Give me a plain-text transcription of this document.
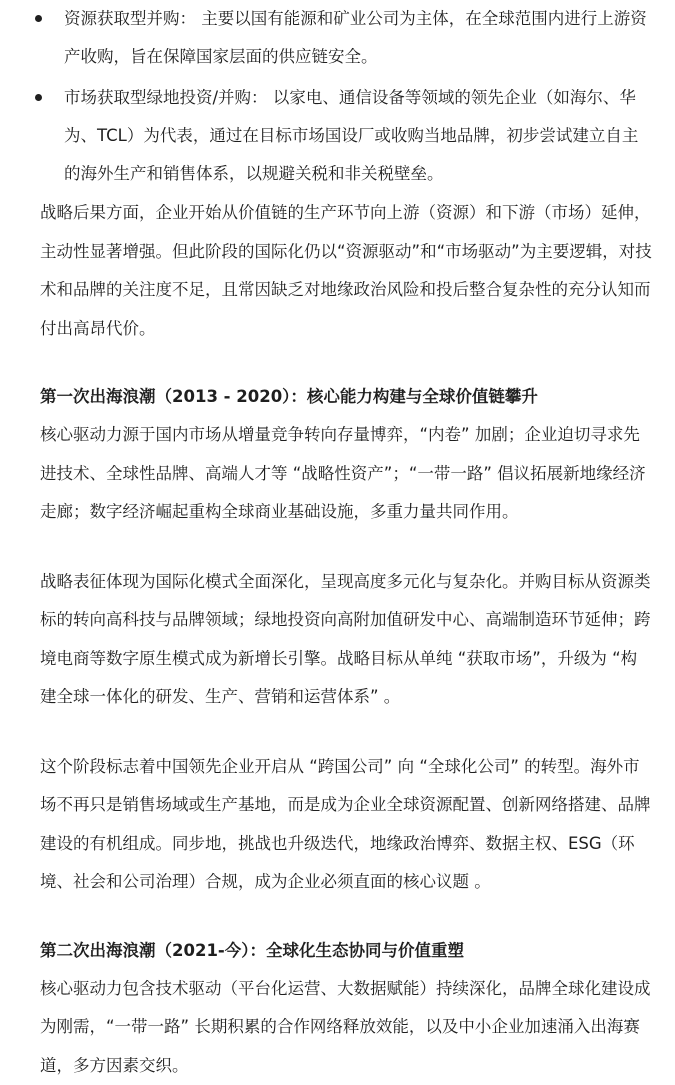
资源获取型并购： 主要以国有能源和矿业公司为主体，在全球范围内进行上游资产收购，旨在保障国家层面的供应链安全。
市场获取型绿地投资/并购： 以家电、通信设备等领域的领先企业（如海尔、华为、TCL）为代表，通过在目标市场国设厂或收购当地品牌，初步尝试建立自主的海外生产和销售体系，以规避关税和非关税壁垒。

战略后果方面，企业开始从价值链的生产环节向上游（资源）和下游（市场）延伸，主动性显著增强。但此阶段的国际化仍以“资源驱动”和“市场驱动”为主要逻辑，对技术和品牌的关注度不足，且常因缺乏对地缘政治风险和投后整合复杂性的充分认知而付出高昂代价。

第一次出海浪潮（2013 - 2020）：核心能力构建与全球价值链攀升

核心驱动力源于国内市场从增量竞争转向存量博弈，“内卷” 加剧；企业迫切寻求先进技术、全球性品牌、高端人才等 “战略性资产”；“一带一路” 倡议拓展新地缘经济走廊；数字经济崛起重构全球商业基础设施，多重力量共同作用。

战略表征体现为国际化模式全面深化，呈现高度多元化与复杂化。并购目标从资源类标的转向高科技与品牌领域；绿地投资向高附加值研发中心、高端制造环节延伸；跨境电商等数字原生模式成为新增长引擎。战略目标从单纯 “获取市场”，升级为 “构建全球一体化的研发、生产、营销和运营体系” 。

这个阶段标志着中国领先企业开启从 “跨国公司” 向 “全球化公司” 的转型。海外市场不再只是销售场域或生产基地，而是成为企业全球资源配置、创新网络搭建、品牌建设的有机组成。同步地，挑战也升级迭代，地缘政治博弈、数据主权、ESG（环境、社会和公司治理）合规，成为企业必须直面的核心议题 。

第二次出海浪潮（2021-今）：全球化生态协同与价值重塑

核心驱动力包含技术驱动（平台化运营、大数据赋能）持续深化，品牌全球化建设成为刚需，“一带一路” 长期积累的合作网络释放效能，以及中小企业加速涌入出海赛道，多方因素交织。
